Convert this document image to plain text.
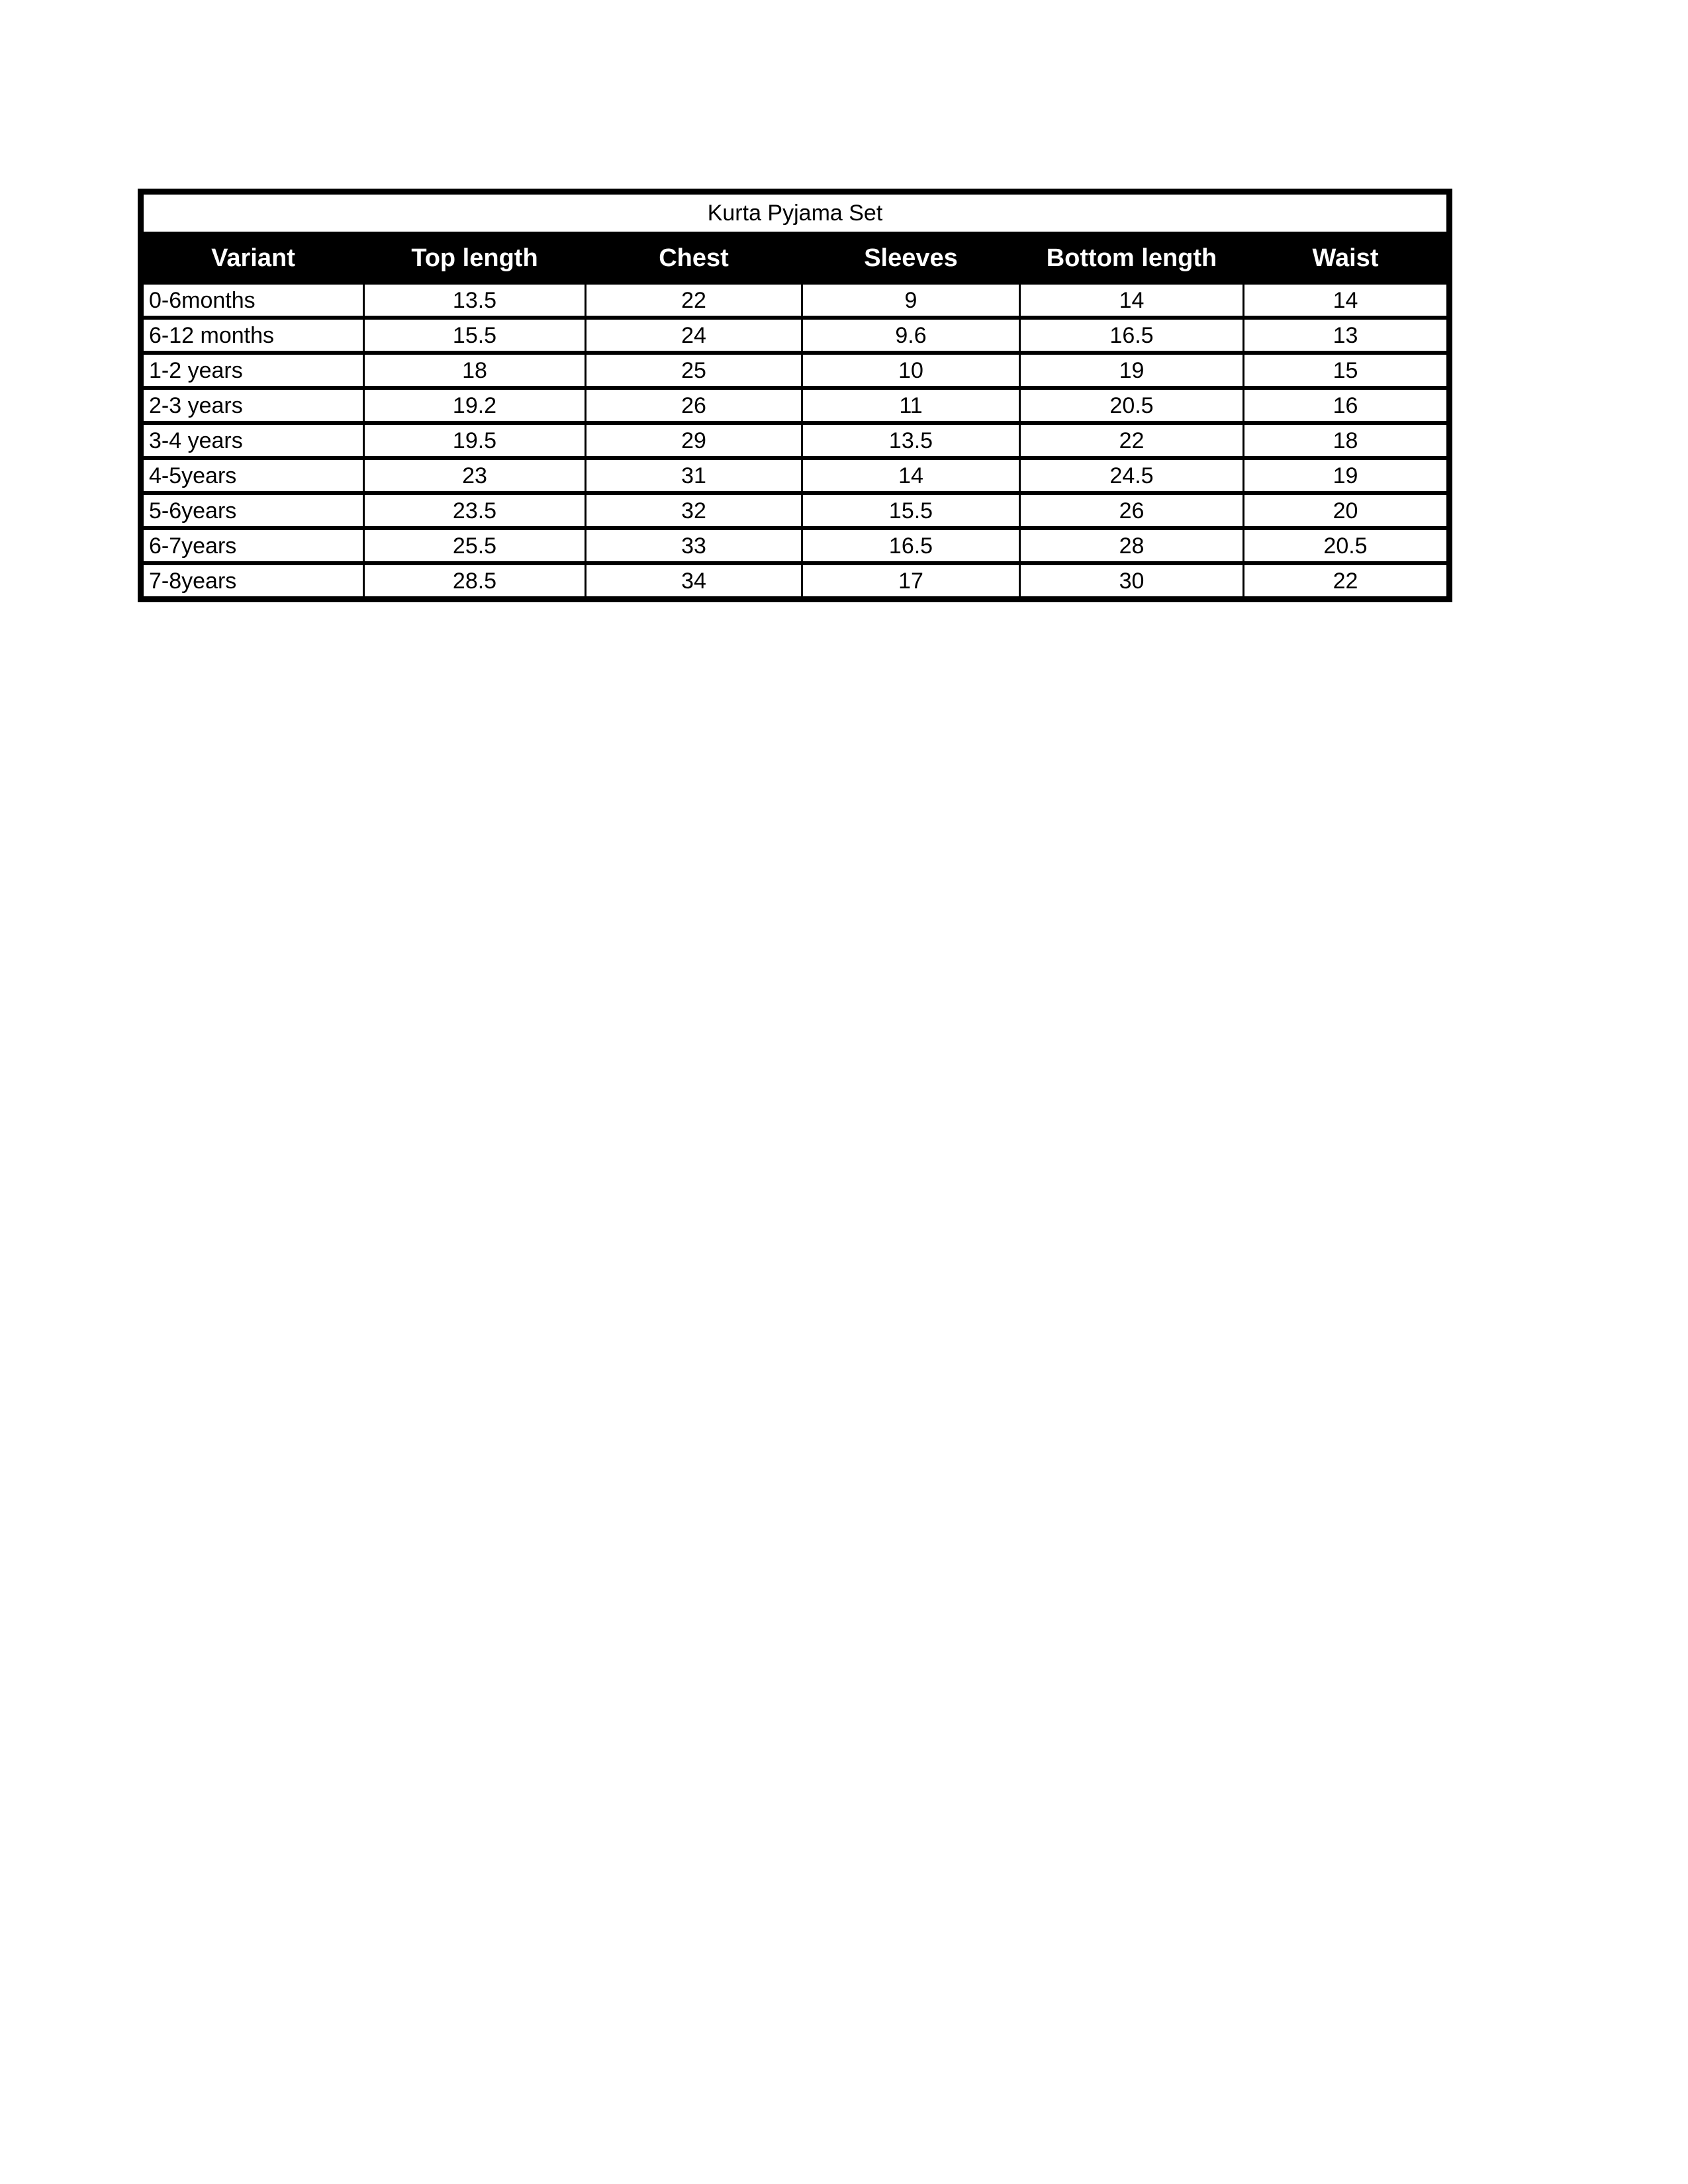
Kurta Pyjama Set					
Variant	Top length	Chest	Sleeves	Bottom length	Waist
0-6months	13.5	22	9	14	14
6-12 months	15.5	24	9.6	16.5	13
1-2 years	18	25	10	19	15
2-3 years	19.2	26	11	20.5	16
3-4 years	19.5	29	13.5	22	18
4-5years	23	31	14	24.5	19
5-6years	23.5	32	15.5	26	20
6-7years	25.5	33	16.5	28	20.5
7-8years	28.5	34	17	30	22
